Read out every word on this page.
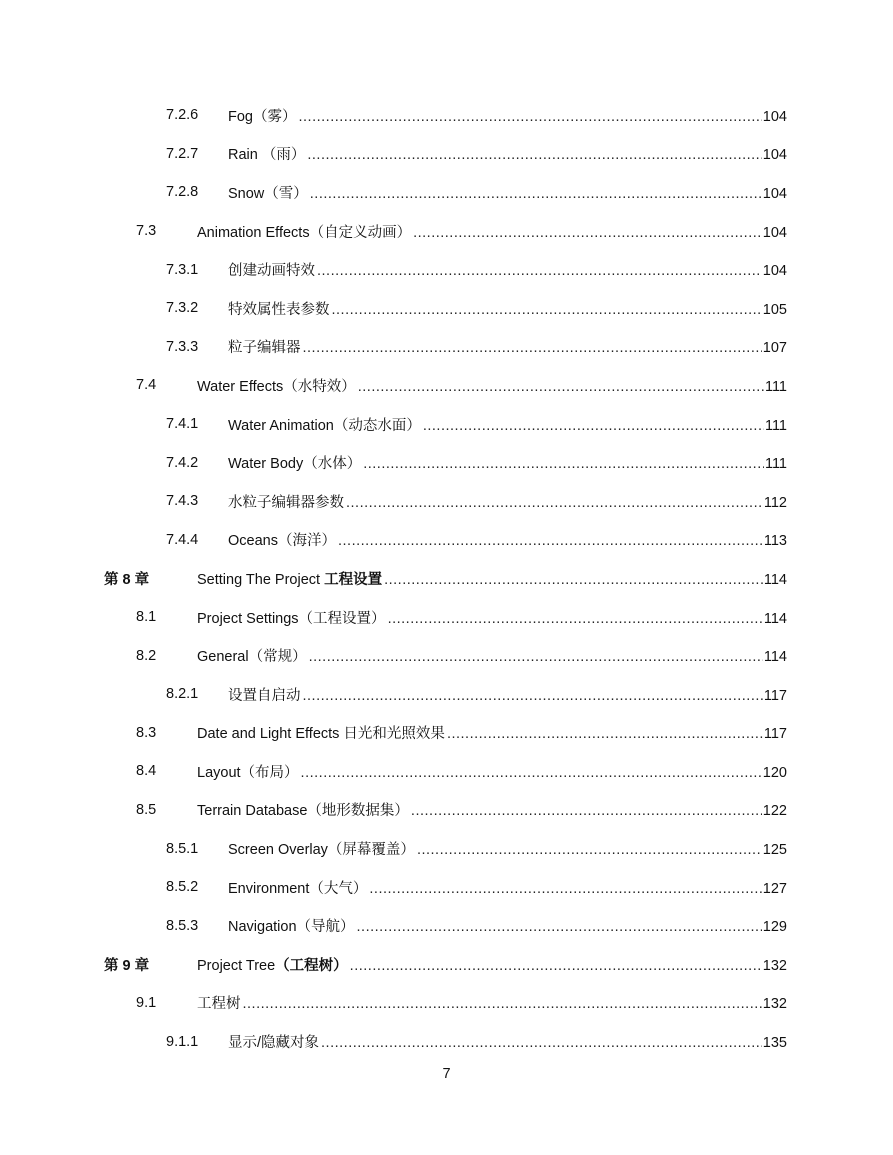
7.2.6 Fog（雾） .....	104
7.2.7 Rain （雨） .....	104
7.2.8 Snow（雪） .....	104
7.3	Animation Effects（自定义动画） .....	104
7.3.1 创建动画特效 .....	104
7.3.2 特效属性表参数 .....	105
7.3.3 粒子编辑器 .....	107
7.4	Water Effects（水特效） .....	111
7.4.1 Water Animation（动态水面） .....	111
7.4.2 Water Body（水体） .....	111
7.4.3 水粒子编辑器参数 .....	112
7.4.4 Oceans（海洋） .....	113
第 8 章	Setting The Project 工程设置 .....	114
8.1	Project Settings（工程设置） .....	114
8.2	General（常规） .....	114
8.2.1 设置自启动 .....	117
8.3	Date and Light Effects 日光和光照效果 .....	117
8.4	Layout（布局） .....	120
8.5	Terrain Database（地形数据集） .....	122
8.5.1 Screen Overlay（屏幕覆盖） .....	125
8.5.2 Environment（大气） .....	127
8.5.3 Navigation（导航） .....	129
第 9 章	Project Tree（工程树） .....	132
9.1	工程树 .....	132
9.1.1 显示/隐藏对象 .....	135
7
